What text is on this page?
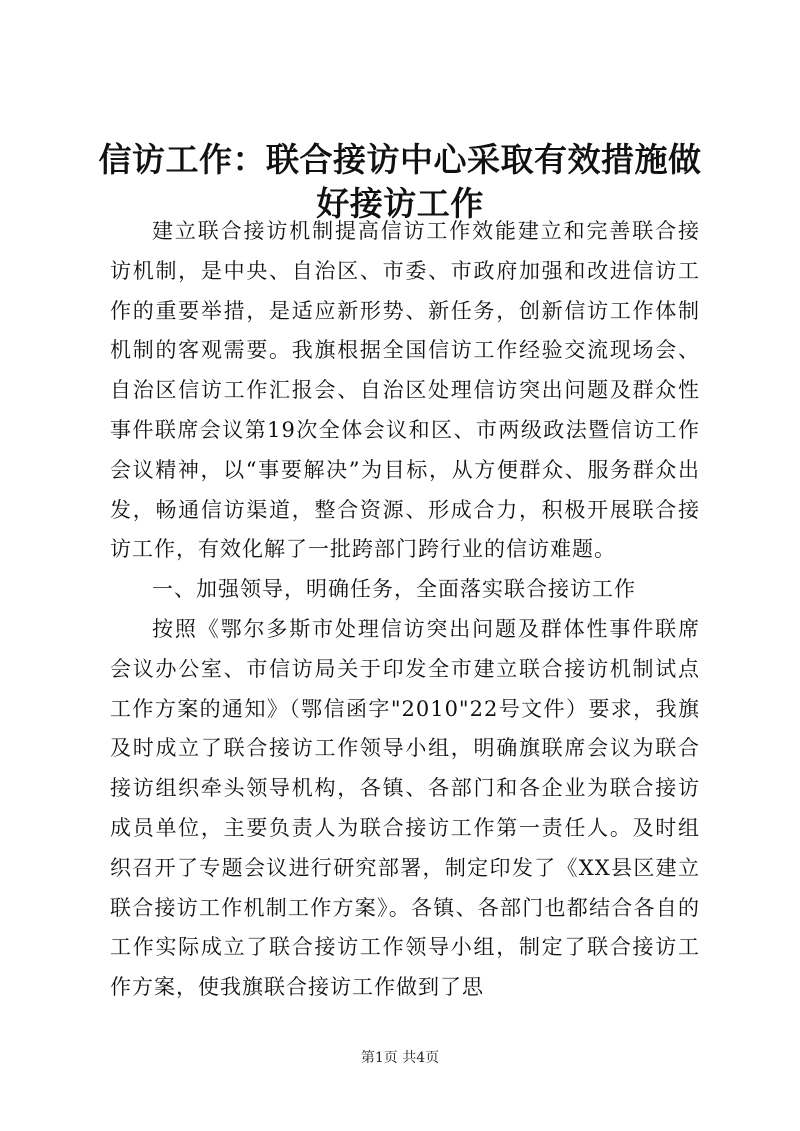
信访工作：联合接访中心采取有效措施做好接访工作

建立联合接访机制提高信访工作效能建立和完善联合接访机制，是中央、自治区、市委、市政府加强和改进信访工作的重要举措，是适应新形势、新任务，创新信访工作体制机制的客观需要。我旗根据全国信访工作经验交流现场会、自治区信访工作汇报会、自治区处理信访突出问题及群众性事件联席会议第19次全体会议和区、市两级政法暨信访工作会议精神，以“事要解决”为目标，从方便群众、服务群众出发，畅通信访渠道，整合资源、形成合力，积极开展联合接访工作，有效化解了一批跨部门跨行业的信访难题。

一、加强领导，明确任务，全面落实联合接访工作

按照《鄂尔多斯市处理信访突出问题及群体性事件联席会议办公室、市信访局关于印发全市建立联合接访机制试点工作方案的通知》（鄂信函字"2010"22号文件）要求，我旗及时成立了联合接访工作领导小组，明确旗联席会议为联合接访组织牵头领导机构，各镇、各部门和各企业为联合接访成员单位，主要负责人为联合接访工作第一责任人。及时组织召开了专题会议进行研究部署，制定印发了《XX县区建立联合接访工作机制工作方案》。各镇、各部门也都结合各自的工作实际成立了联合接访工作领导小组，制定了联合接访工作方案，使我旗联合接访工作做到了思

第1页 共4页
